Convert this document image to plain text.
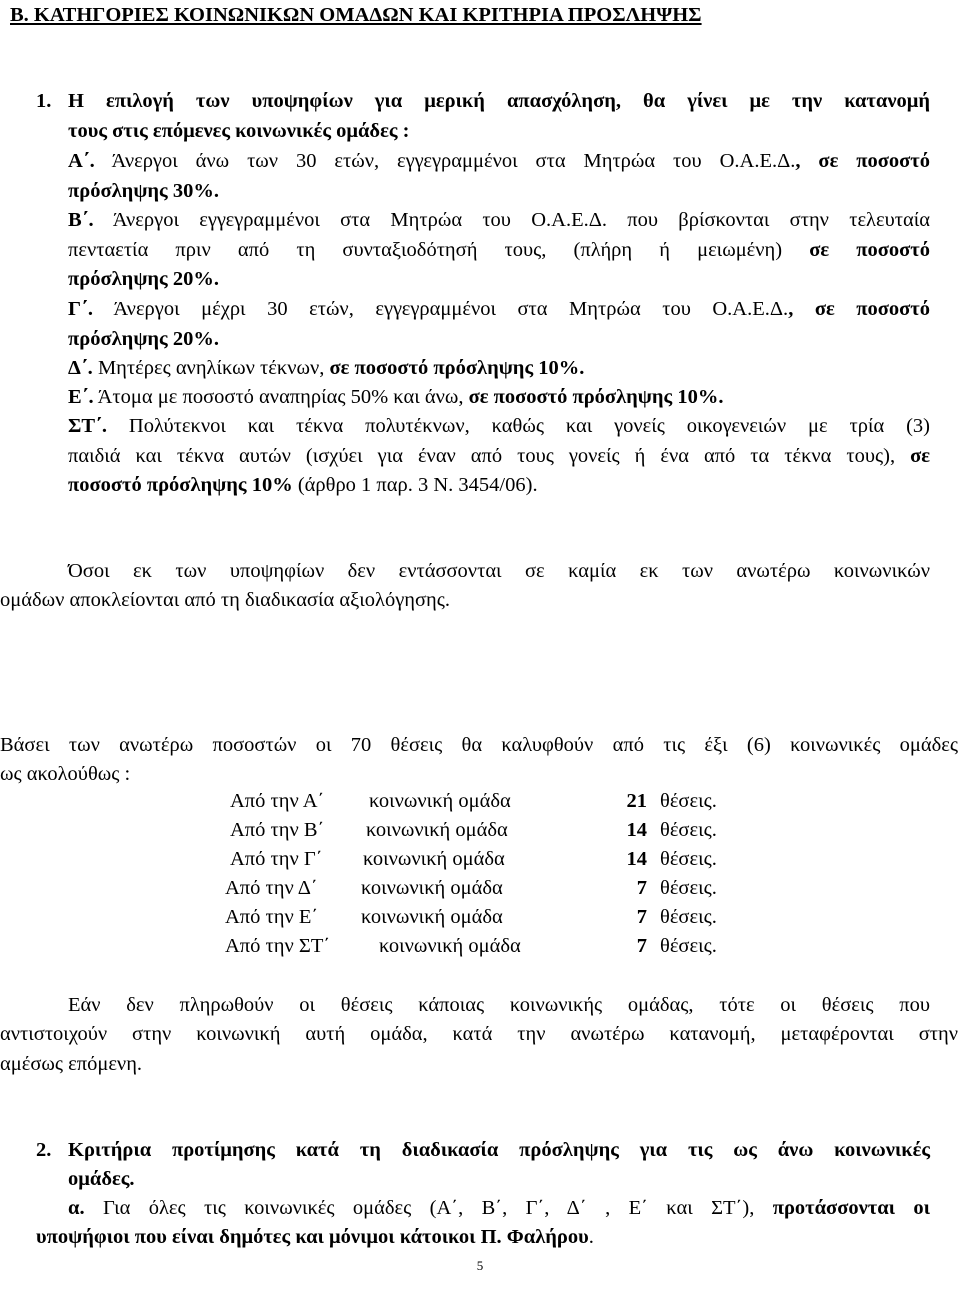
Β. ΚΑΤΗΓΟΡΙΕΣ ΚΟΙΝΩΝΙΚΩΝ ΟΜΑΔΩΝ ΚΑΙ ΚΡΙΤΗΡΙΑ ΠΡΟΣΛΗΨΗΣ
1. Η επιλογή των υποψηφίων για μερική απασχόληση, θα γίνει με την κατανομή
τους στις επόμενες κοινωνικές ομάδες :
Α΄. Άνεργοι άνω των 30 ετών, εγγεγραμμένοι στα Μητρώα του Ο.Α.Ε.Δ., σε ποσοστό
πρόσληψης 30%.
Β΄. Άνεργοι εγγεγραμμένοι στα Μητρώα του Ο.Α.Ε.Δ. που βρίσκονται στην τελευταία
πενταετία πριν από τη συνταξιοδότησή τους, (πλήρη ή μειωμένη) σε ποσοστό
πρόσληψης 20%.
Γ΄. Άνεργοι μέχρι 30 ετών, εγγεγραμμένοι στα Μητρώα του Ο.Α.Ε.Δ., σε ποσοστό
πρόσληψης 20%.
Δ΄. Μητέρες ανηλίκων τέκνων, σε ποσοστό πρόσληψης 10%.
Ε΄. Άτομα με ποσοστό αναπηρίας 50% και άνω, σε ποσοστό πρόσληψης 10%.
ΣΤ΄. Πολύτεκνοι και τέκνα πολυτέκνων, καθώς και γονείς οικογενειών με τρία (3)
παιδιά και τέκνα αυτών (ισχύει για έναν από τους γονείς ή ένα από τα τέκνα τους), σε
ποσοστό πρόσληψης 10% (άρθρο 1 παρ. 3 Ν. 3454/06).
Όσοι εκ των υποψηφίων δεν εντάσσονται σε καμία εκ των ανωτέρω κοινωνικών
ομάδων αποκλείονται από τη διαδικασία αξιολόγησης.
Βάσει των ανωτέρω ποσοστών οι 70 θέσεις θα καλυφθούν από τις έξι (6) κοινωνικές ομάδες
ως ακολούθως :
Από την Α΄ κοινωνική ομάδα	21 θέσεις.
Από την Β΄ κοινωνική ομάδα	14 θέσεις.
Από την Γ΄ κοινωνική ομάδα	14 θέσεις.
Από την Δ΄ κοινωνική ομάδα	7 θέσεις.
Από την Ε΄ κοινωνική ομάδα	7 θέσεις.
Από την ΣΤ΄ κοινωνική ομάδα	7 θέσεις.
Εάν δεν πληρωθούν οι θέσεις κάποιας κοινωνικής ομάδας, τότε οι θέσεις που
αντιστοιχούν στην κοινωνική αυτή ομάδα, κατά την ανωτέρω κατανομή, μεταφέρονται στην
αμέσως επόμενη.
2. Κριτήρια προτίμησης κατά τη διαδικασία πρόσληψης για τις ως άνω κοινωνικές
ομάδες.
α. Για όλες τις κοινωνικές ομάδες (Α΄, Β΄, Γ΄, Δ΄ , Ε΄ και ΣΤ΄), προτάσσονται οι
υποψήφιοι που είναι δημότες και μόνιμοι κάτοικοι Π. Φαλήρου.
5
